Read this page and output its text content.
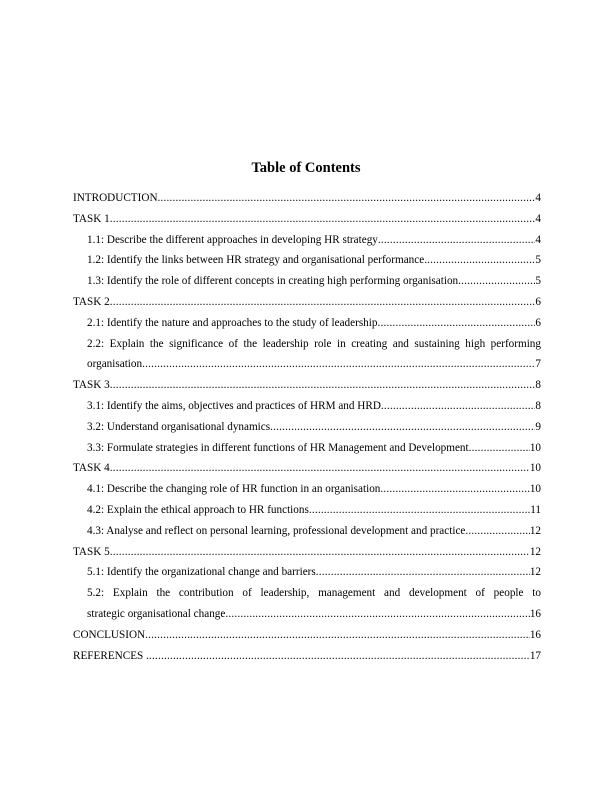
Table of Contents
INTRODUCTION .....	4
TASK 1 .....	4
1.1: Describe the different approaches in developing HR strategy .....	4
1.2: Identify the links between HR strategy and organisational performance .....	5
1.3: Identify the role of different concepts in creating high performing organisation .....	5
TASK 2 .....	6
2.1: Identify the nature and approaches to the study of leadership .....	6
2.2: Explain the significance of the leadership role in creating and sustaining high performing
organisation .....	7
TASK 3 .....	8
3.1: Identify the aims, objectives and practices of HRM and HRD .....	8
3.2: Understand organisational dynamics .....	9
3.3: Formulate strategies in different functions of HR Management and Development .....	10
TASK 4 .....	10
4.1: Describe the changing role of HR function in an organisation .....	10
4.2: Explain the ethical approach to HR functions .....	11
4.3: Analyse and reflect on personal learning, professional development and practice .....	12
TASK 5 .....	12
5.1: Identify the organizational change and barriers .....	12
5.2: Explain the contribution of leadership, management and development of people to
strategic organisational change .....	16
CONCLUSION .....	16
REFERENCES .....	17
